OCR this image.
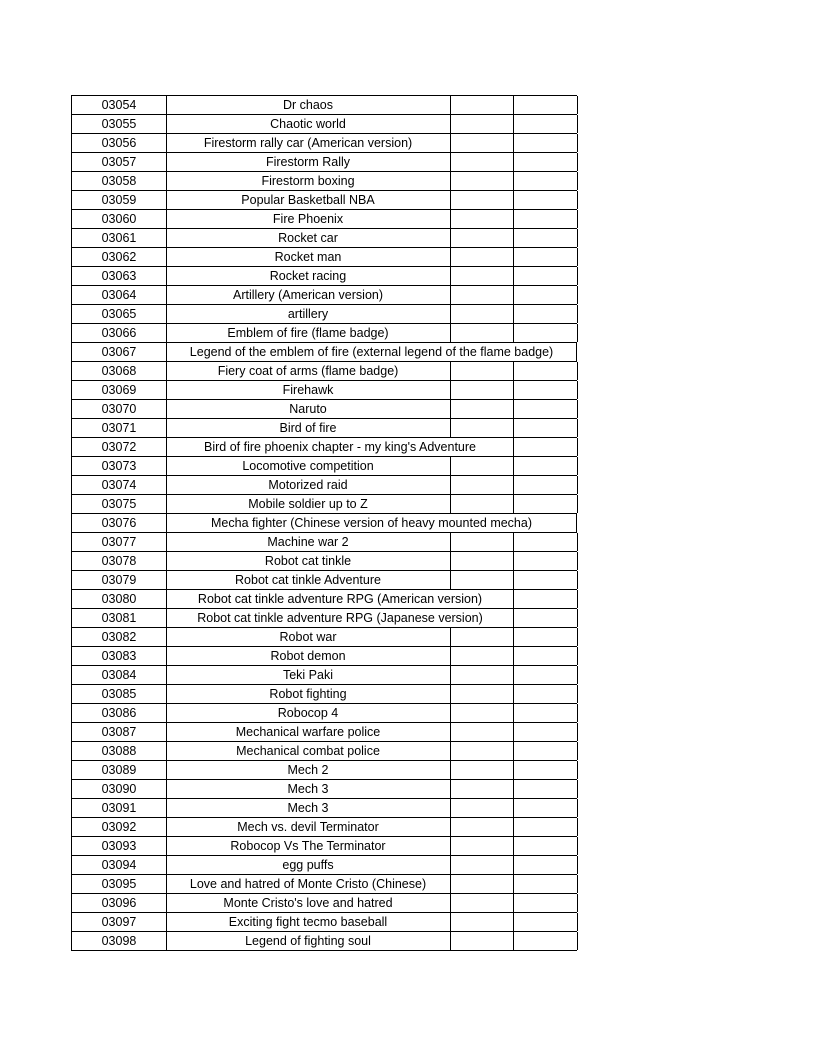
03054	Dr chaos
03055	Chaotic world
03056	Firestorm rally car (American version)
03057	Firestorm Rally
03058	Firestorm boxing
03059	Popular Basketball NBA
03060	Fire Phoenix
03061	Rocket car
03062	Rocket man
03063	Rocket racing
03064	Artillery (American version)
03065	artillery
03066	Emblem of fire (flame badge)
03067	Legend of the emblem of fire (external legend of the flame badge)
03068	Fiery coat of arms (flame badge)
03069	Firehawk
03070	Naruto
03071	Bird of fire
03072	Bird of fire phoenix chapter - my king's Adventure
03073	Locomotive competition
03074	Motorized raid
03075	Mobile soldier up to Z
03076	Mecha fighter (Chinese version of heavy mounted mecha)
03077	Machine war 2
03078	Robot cat tinkle
03079	Robot cat tinkle Adventure
03080	Robot cat tinkle adventure RPG (American version)
03081	Robot cat tinkle adventure RPG (Japanese version)
03082	Robot war
03083	Robot demon
03084	Teki Paki
03085	Robot fighting
03086	Robocop 4
03087	Mechanical warfare police
03088	Mechanical combat police
03089	Mech 2
03090	Mech 3
03091	Mech 3
03092	Mech vs. devil Terminator
03093	Robocop Vs The Terminator
03094	egg puffs
03095	Love and hatred of Monte Cristo (Chinese)
03096	Monte Cristo's love and hatred
03097	Exciting fight tecmo baseball
03098	Legend of fighting soul
